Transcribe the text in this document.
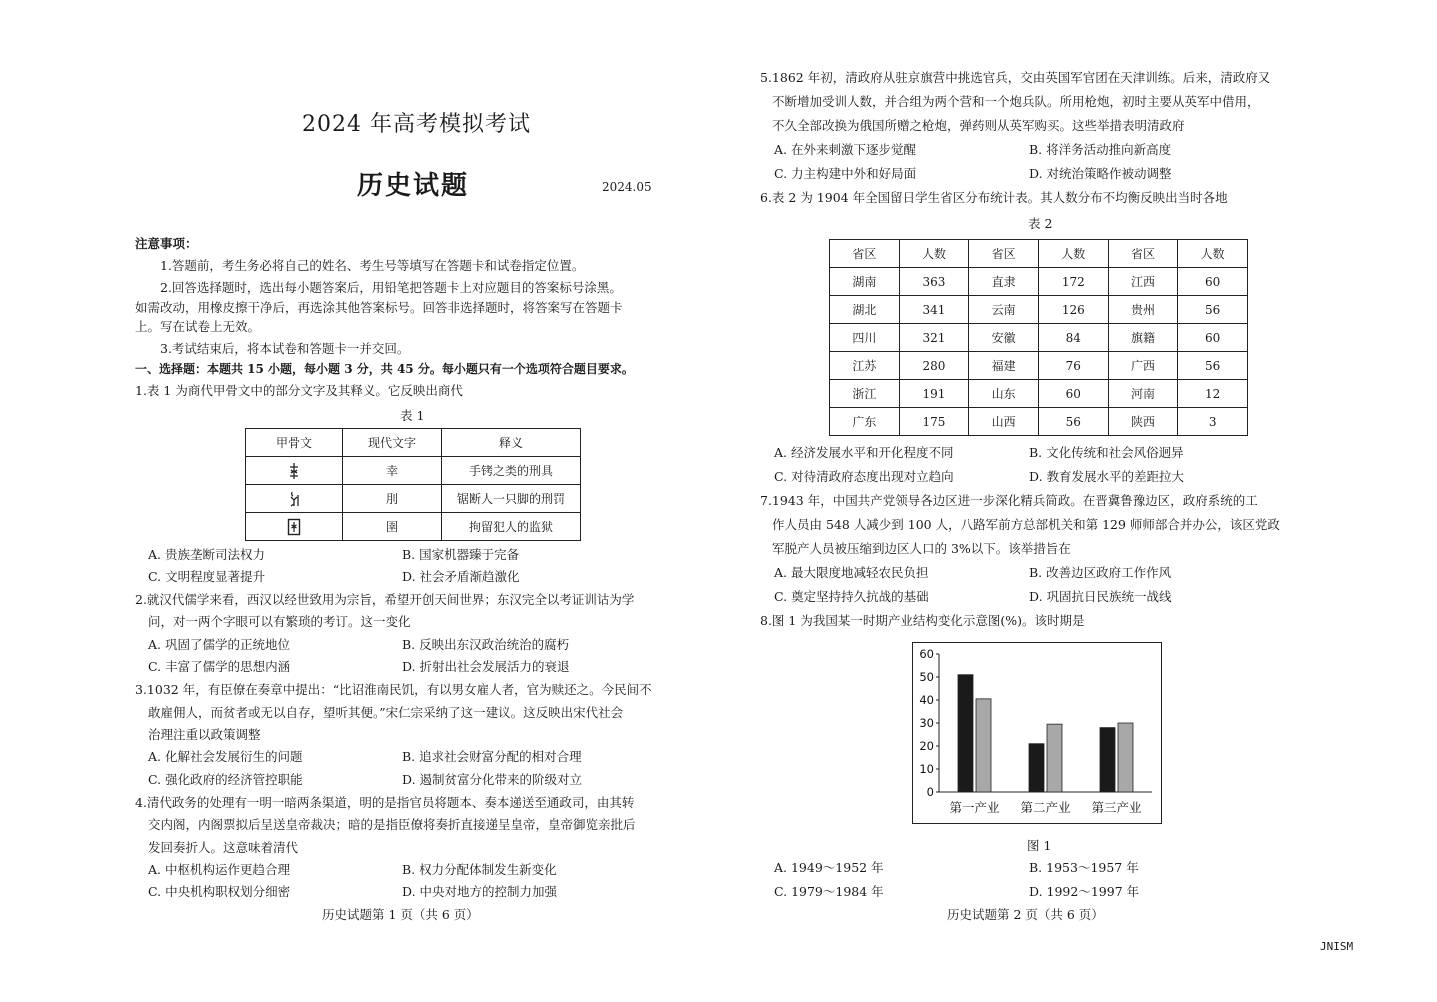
2024 年高考模拟考试
历史试题	2024.05
注意事项：
1.答题前，考生务必将自己的姓名、考生号等填写在答题卡和试卷指定位置。
2.回答选择题时，选出每小题答案后，用铅笔把答题卡上对应题目的答案标号涂黑。
如需改动，用橡皮擦干净后，再选涂其他答案标号。回答非选择题时，将答案写在答题卡
上。写在试卷上无效。
3.考试结束后，将本试卷和答题卡一并交回。
一、选择题：本题共 15 小题，每小题 3 分，共 45 分。每小题只有一个选项符合题目要求。
1.表 1 为商代甲骨文中的部分文字及其释义。它反映出商代
表 1
甲骨文	现代文字	释义
	幸	手铐之类的刑具
	刖	锯断人一只脚的刑罚
	圉	拘留犯人的监狱
A. 贵族垄断司法权力	B. 国家机器臻于完备
C. 文明程度显著提升	D. 社会矛盾渐趋激化
2.就汉代儒学来看，西汉以经世致用为宗旨，希望开创天间世界；东汉完全以考证训诂为学
问，对一两个字眼可以有繁琐的考订。这一变化
A. 巩固了儒学的正统地位	B. 反映出东汉政治统治的腐朽
C. 丰富了儒学的思想内涵	D. 折射出社会发展活力的衰退
3.1032 年，有臣僚在奏章中提出：“比诏淮南民饥，有以男女雇人者，官为赎还之。今民间不
敢雇佣人，而贫者或无以自存，望听其便。”宋仁宗采纳了这一建议。这反映出宋代社会
治理注重以政策调整
A. 化解社会发展衍生的问题	B. 追求社会财富分配的相对合理
C. 强化政府的经济管控职能	D. 遏制贫富分化带来的阶级对立
4.清代政务的处理有一明一暗两条渠道，明的是指官员将题本、奏本递送至通政司，由其转
交内阁，内阁票拟后呈送皇帝裁决；暗的是指臣僚将奏折直接递呈皇帝，皇帝御览亲批后
发回奏折人。这意味着清代
A. 中枢机构运作更趋合理	B. 权力分配体制发生新变化
C. 中央机构职权划分细密	D. 中央对地方的控制力加强
历史试题第 1 页（共 6 页）
5.1862 年初，清政府从驻京旗营中挑选官兵，交由英国军官团在天津训练。后来，清政府又
不断增加受训人数，并合组为两个营和一个炮兵队。所用枪炮，初时主要从英军中借用，
不久全部改换为俄国所赠之枪炮，弹药则从英军购买。这些举措表明清政府
A. 在外来刺激下逐步觉醒	B. 将洋务活动推向新高度
C. 力主构建中外和好局面	D. 对统治策略作被动调整
6.表 2 为 1904 年全国留日学生省区分布统计表。其人数分布不均衡反映出当时各地
表 2
省区	人数	省区	人数	省区	人数
湖南	363	直隶	172	江西	60
湖北	341	云南	126	贵州	56
四川	321	安徽	84	旗籍	60
江苏	280	福建	76	广西	56
浙江	191	山东	60	河南	12
广东	175	山西	56	陕西	3
A. 经济发展水平和开化程度不同	B. 文化传统和社会风俗迥异
C. 对待清政府态度出现对立趋向	D. 教育发展水平的差距拉大
7.1943 年，中国共产党领导各边区进一步深化精兵简政。在晋冀鲁豫边区，政府系统的工
作人员由 548 人减少到 100 人，八路军前方总部机关和第 129 师师部合并办公，该区党政
军脱产人员被压缩到边区人口的 3%以下。该举措旨在
A. 最大限度地减轻农民负担	B. 改善边区政府工作作风
C. 奠定坚持持久抗战的基础	D. 巩固抗日民族统一战线
8.图 1 为我国某一时期产业结构变化示意图(%)。该时期是
0
10
20
30
40
50
60
第一产业 第二产业 第三产业
图 1
A. 1949～1952 年	B. 1953～1957 年
C. 1979～1984 年	D. 1992～1997 年
历史试题第 2 页（共 6 页）
JNISM
